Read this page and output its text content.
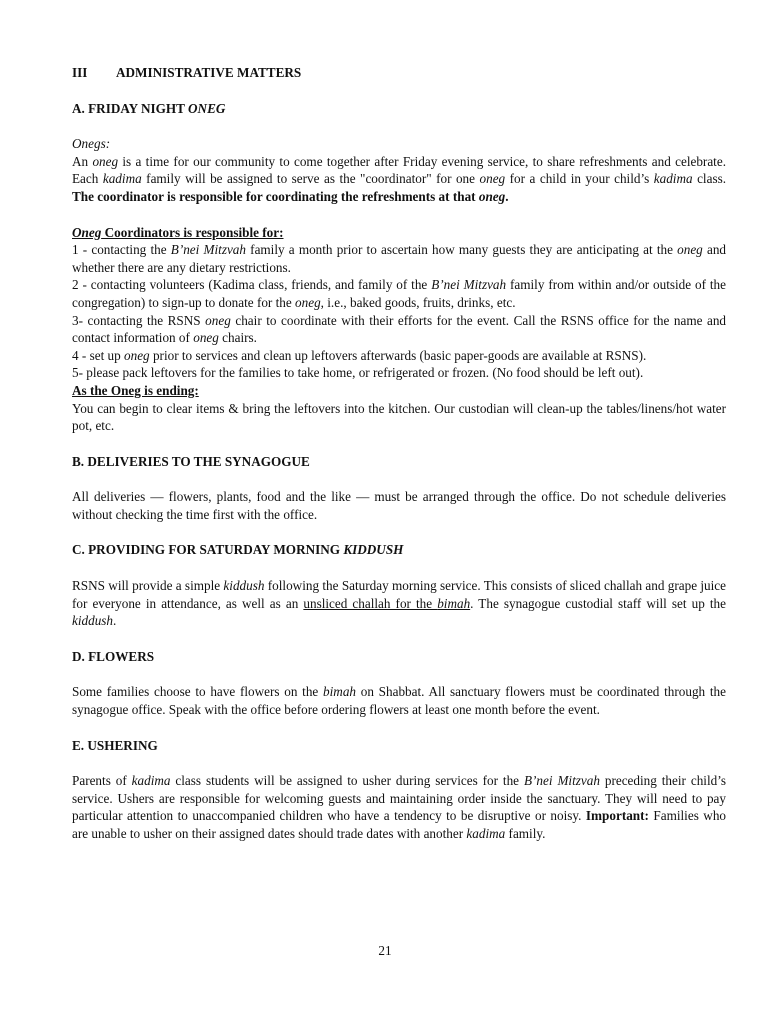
III ADMINISTRATIVE MATTERS

A. FRIDAY NIGHT ONEG

Onegs:

An oneg is a time for our community to come together after Friday evening service, to share refreshments and celebrate. Each kadima family will be assigned to serve as the "coordinator" for one oneg for a child in your child’s kadima class. The coordinator is responsible for coordinating the refreshments at that oneg.

Oneg Coordinators is responsible for:

1 - contacting the B’nei Mitzvah family a month prior to ascertain how many guests they are anticipating at the oneg and whether there are any dietary restrictions.

2 - contacting volunteers (Kadima class, friends, and family of the B’nei Mitzvah family from within and/or outside of the congregation) to sign-up to donate for the oneg, i.e., baked goods, fruits, drinks, etc.

3- contacting the RSNS oneg chair to coordinate with their efforts for the event. Call the RSNS office for the name and contact information of oneg chairs.

4 - set up oneg prior to services and clean up leftovers afterwards (basic paper-goods are available at RSNS).

5- please pack leftovers for the families to take home, or refrigerated or frozen. (No food should be left out).

As the Oneg is ending:

You can begin to clear items & bring the leftovers into the kitchen. Our custodian will clean-up the tables/linens/hot water pot, etc.

B. DELIVERIES TO THE SYNAGOGUE

All deliveries — flowers, plants, food and the like — must be arranged through the office. Do not schedule deliveries without checking the time first with the office.

C. PROVIDING FOR SATURDAY MORNING KIDDUSH

RSNS will provide a simple kiddush following the Saturday morning service. This consists of sliced challah and grape juice for everyone in attendance, as well as an unsliced challah for the bimah. The synagogue custodial staff will set up the kiddush.

D. FLOWERS

Some families choose to have flowers on the bimah on Shabbat. All sanctuary flowers must be coordinated through the synagogue office. Speak with the office before ordering flowers at least one month before the event.

E. USHERING

Parents of kadima class students will be assigned to usher during services for the B’nei Mitzvah preceding their child’s service. Ushers are responsible for welcoming guests and maintaining order inside the sanctuary. They will need to pay particular attention to unaccompanied children who have a tendency to be disruptive or noisy. Important: Families who are unable to usher on their assigned dates should trade dates with another kadima family.

21
